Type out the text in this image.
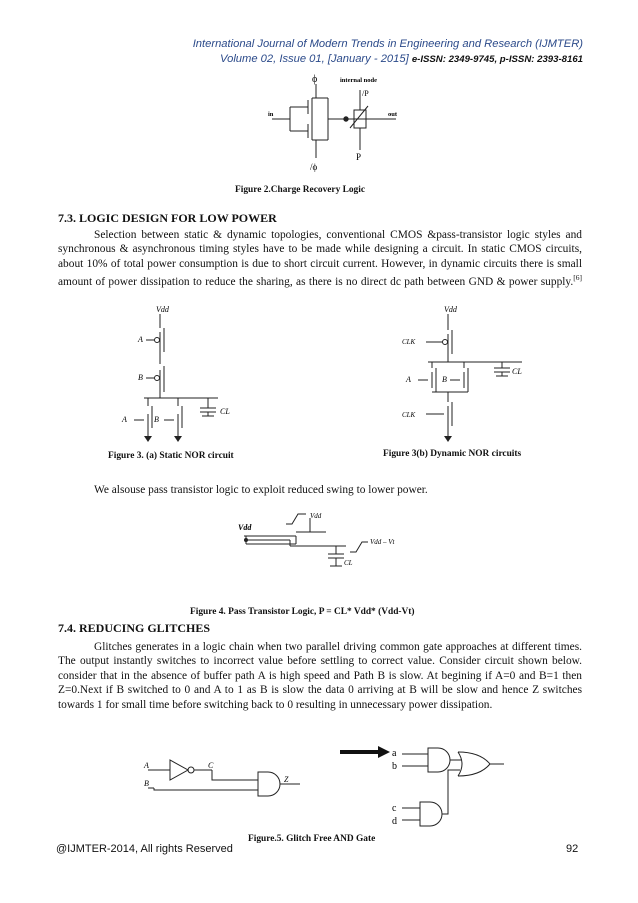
International Journal of Modern Trends in Engineering and Research (IJMTER)
Volume 02, Issue 01, [January - 2015] e-ISSN: 2349-9745, p-ISSN: 2393-8161
ϕ	internal node
/P
in	out
P
/ϕ
Figure 2.Charge Recovery Logic
7.3. LOGIC DESIGN FOR LOW POWER
Selection between static & dynamic topologies, conventional CMOS &pass-transistor logic styles and synchronous & asynchronous timing styles have to be made while designing a circuit. In static CMOS circuits, about 10% of total power consumption is due to short circuit current. However, in dynamic circuits there is small amount of power dissipation to reduce the sharing, as there is no direct dc path between GND & power supply.[6]
Vdd
A
B
A	B
CL
Figure 3. (a) Static NOR circuit
Vdd
CLK
A	B
CL
CLK
Figure 3(b) Dynamic NOR circuits
We alsouse pass transistor logic to exploit reduced swing to lower power.
Vdd
Vdd
Vdd – Vt
CL
Figure 4. Pass Transistor Logic, P = CL* Vdd* (Vdd-Vt)
7.4. REDUCING GLITCHES
Glitches generates in a logic chain when two parallel driving common gate approaches at different times. The output instantly switches to incorrect value before settling to correct value. Consider circuit shown below. consider that in the absence of buffer path A is high speed and Path B is slow. At begining if A=0 and B=1 then Z=0.Next if B switched to 0 and A to 1 as B is slow the data 0 arriving at B will be slow and hence Z switches towards 1 for small time before switching back to 0 resulting in unnecessary power dissipation.
A	C
Z
B
a
b
c
d
Figure.5. Glitch Free AND Gate
@IJMTER-2014, All rights Reserved	92
